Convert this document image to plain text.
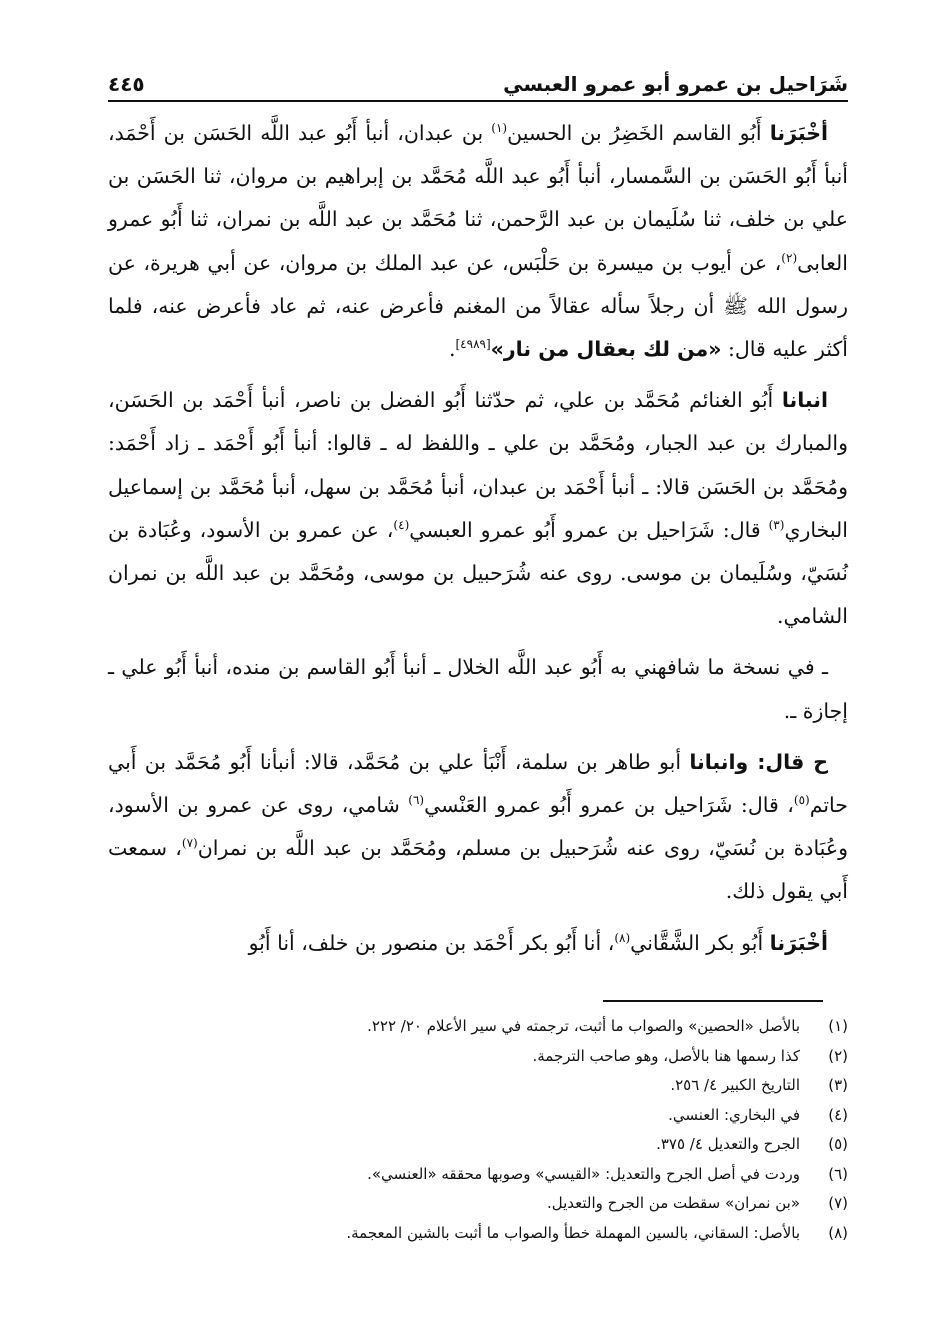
شَرَاحيل بن عمرو أبو عمرو العبسي
٤٤٥

أخْبَرَنا أَبُو القاسم الخَضِرُ بن الحسين$^{(١)}$ بن عبدان، أنبأ أَبُو عبد اللَّه الحَسَن بن أَحْمَد، أنبأ أَبُو الحَسَن بن السَّمسار، أنبأ أَبُو عبد اللَّه مُحَمَّد بن إبراهيم بن مروان، ثنا الحَسَن بن علي بن خلف، ثنا سُلَيمان بن عبد الرَّحمن، ثنا مُحَمَّد بن عبد اللَّه بن نمران، ثنا أَبُو عمرو العابى$^{(٢)}$، عن أيوب بن ميسرة بن حَلْبَس، عن عبد الملك بن مروان، عن أبي هريرة، عن رسول الله ﷺ أن رجلاً سأله عقالاً من المغنم فأعرض عنه، ثم عاد فأعرض عنه، فلما أكثر عليه قال: «من لك بعقال من نار»[٤٩٨٩].

انبانا أَبُو الغنائم مُحَمَّد بن علي، ثم حدّثنا أَبُو الفضل بن ناصر، أنبأ أَحْمَد بن الحَسَن، والمبارك بن عبد الجبار، ومُحَمَّد بن علي ـ واللفظ له ـ قالوا: أنبأ أَبُو أَحْمَد ـ زاد أَحْمَد: ومُحَمَّد بن الحَسَن قالا: ـ أنبأ أَحْمَد بن عبدان، أنبأ مُحَمَّد بن سهل، أنبأ مُحَمَّد بن إسماعيل البخاري$^{(٣)}$ قال: شَرَاحيل بن عمرو أَبُو عمرو العبسي$^{(٤)}$، عن عمرو بن الأسود، وعُبَادة بن نُسَيّ، وسُلَيمان بن موسى. روى عنه شُرَحبيل بن موسى، ومُحَمَّد بن عبد اللَّه بن نمران الشامي.

ـ في نسخة ما شافهني به أَبُو عبد اللَّه الخلال ـ أنبأ أَبُو القاسم بن منده، أنبأ أَبُو علي ـ إجازة ـ.

ح قال: وانبانا أبو طاهر بن سلمة، أَنْبَأ علي بن مُحَمَّد، قالا: أنبأنا أَبُو مُحَمَّد بن أَبي حاتم$^{(٥)}$، قال: شَرَاحيل بن عمرو أَبُو عمرو العَنْسي$^{(٦)}$ شامي، روى عن عمرو بن الأسود، وعُبَادة بن نُسَيّ، روى عنه شُرَحبيل بن مسلم، ومُحَمَّد بن عبد اللَّه بن نمران$^{(٧)}$، سمعت أَبي يقول ذلك.

أخْبَرَنا أَبُو بكر الشَّقَّاني$^{(٨)}$، أنا أَبُو بكر أَحْمَد بن منصور بن خلف، أنا أَبُو

(١)
بالأصل «الحصين» والصواب ما أثبت، ترجمته في سير الأعلام ٢٠/ ٢٢٢.
(٢)
كذا رسمها هنا بالأصل، وهو صاحب الترجمة.
(٣)
التاريخ الكبير ٤/ ٢٥٦.
(٤)
في البخاري: العنسي.
(٥)
الجرح والتعديل ٤/ ٣٧٥.
(٦)
وردت في أصل الجرح والتعديل: «القيسي» وصوبها محققه «العنسي».
(٧)
«بن نمران» سقطت من الجرح والتعديل.
(٨)
بالأصل: السقاني، بالسين المهملة خطأ والصواب ما أثبت بالشين المعجمة.
